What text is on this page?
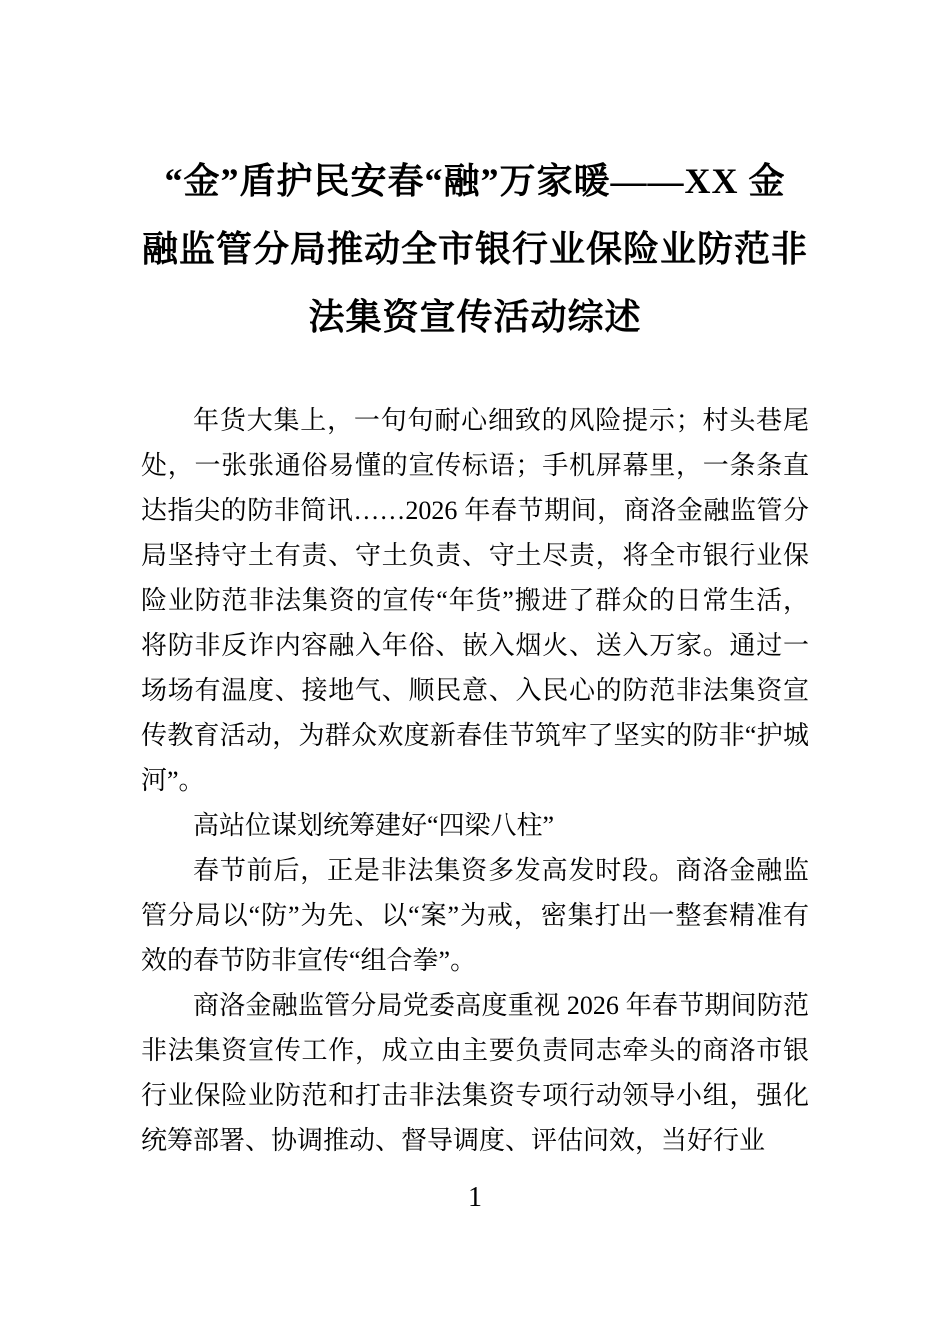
“金”盾护民安春“融”万家暖——XX 金
融监管分局推动全市银行业保险业防范非
法集资宣传活动综述

年货大集上，一句句耐心细致的风险提示；村头巷尾处，一张张通俗易懂的宣传标语；手机屏幕里，一条条直达指尖的防非简讯……2026 年春节期间，商洛金融监管分局坚持守土有责、守土负责、守土尽责，将全市银行业保险业防范非法集资的宣传“年货”搬进了群众的日常生活，将防非反诈内容融入年俗、嵌入烟火、送入万家。通过一场场有温度、接地气、顺民意、入民心的防范非法集资宣传教育活动，为群众欢度新春佳节筑牢了坚实的防非“护城河”。

高站位谋划统筹建好“四梁八柱”

春节前后，正是非法集资多发高发时段。商洛金融监管分局以“防”为先、以“案”为戒，密集打出一整套精准有效的春节防非宣传“组合拳”。

商洛金融监管分局党委高度重视 2026 年春节期间防范非法集资宣传工作，成立由主要负责同志牵头的商洛市银行业保险业防范和打击非法集资专项行动领导小组，强化统筹部署、协调推动、督导调度、评估问效，当好行业

1
